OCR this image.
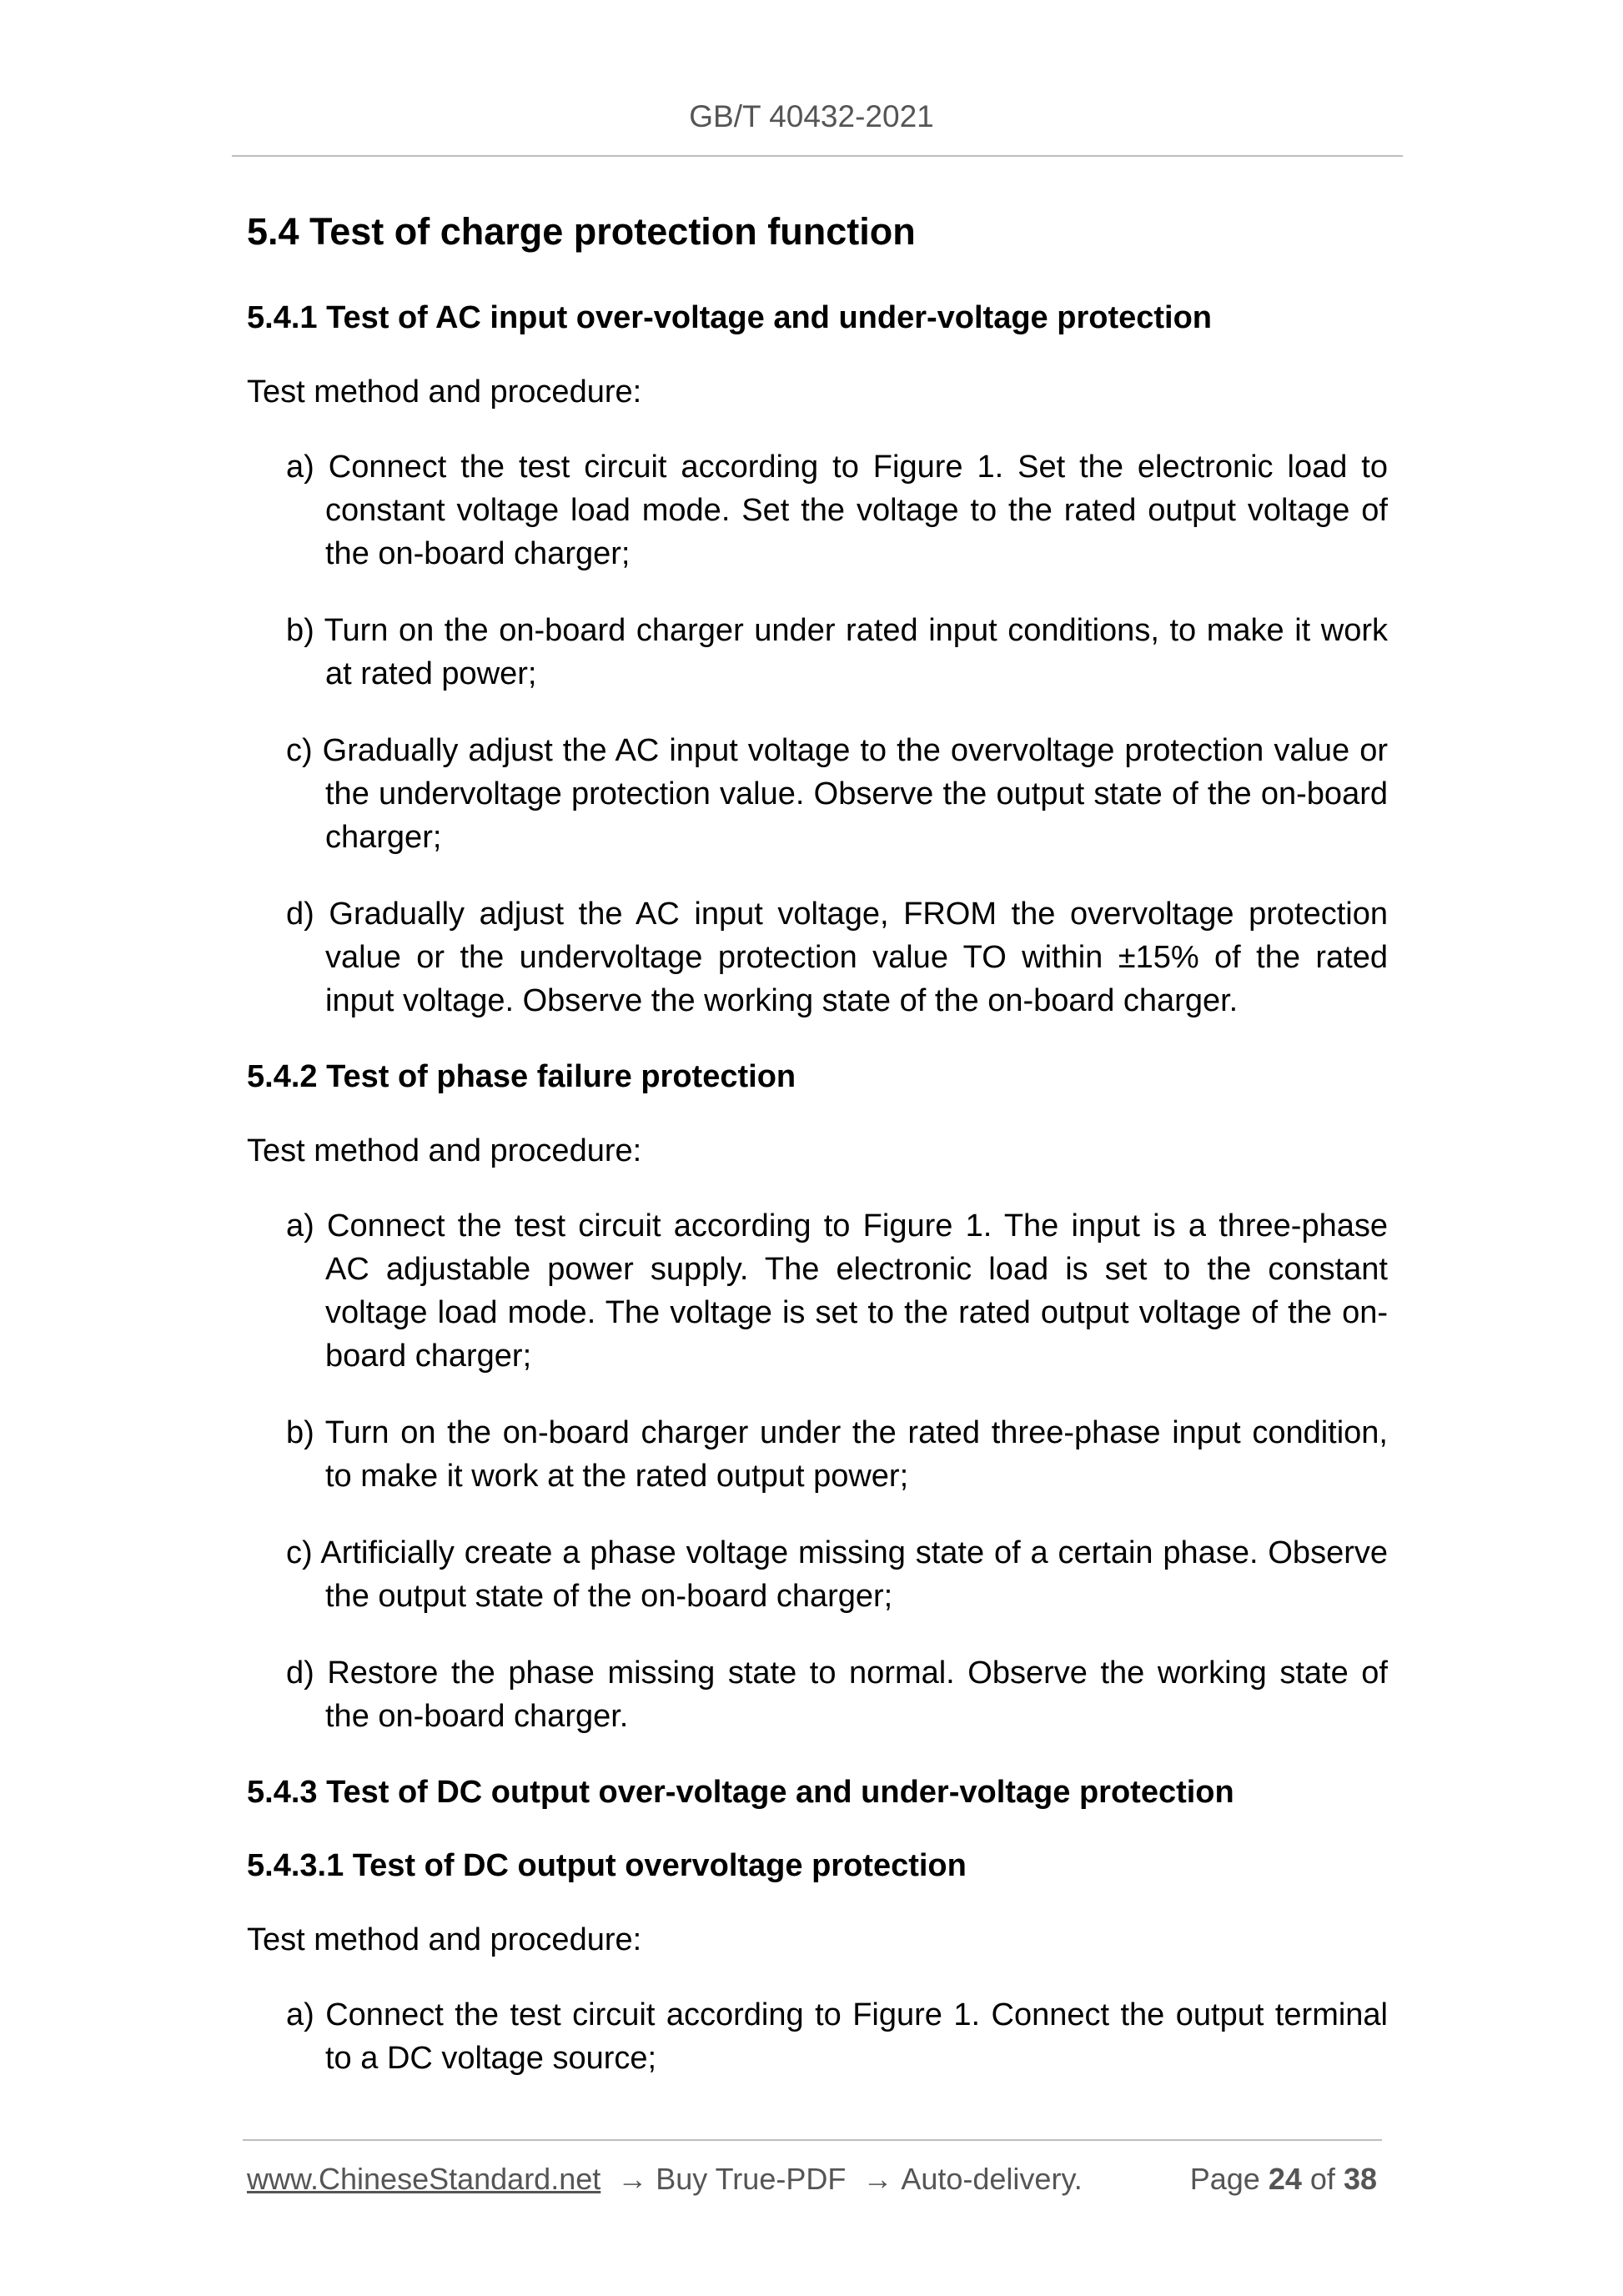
GB/T 40432-2021
5.4 Test of charge protection function
5.4.1 Test of AC input over-voltage and under-voltage protection
Test method and procedure:
a) Connect the test circuit according to Figure 1. Set the electronic load to constant voltage load mode. Set the voltage to the rated output voltage of the on-board charger;
b) Turn on the on-board charger under rated input conditions, to make it work at rated power;
c) Gradually adjust the AC input voltage to the overvoltage protection value or the undervoltage protection value. Observe the output state of the on-board charger;
d) Gradually adjust the AC input voltage, FROM the overvoltage protection value or the undervoltage protection value TO within ±15% of the rated input voltage. Observe the working state of the on-board charger.
5.4.2 Test of phase failure protection
Test method and procedure:
a) Connect the test circuit according to Figure 1. The input is a three-phase AC adjustable power supply. The electronic load is set to the constant voltage load mode. The voltage is set to the rated output voltage of the on-board charger;
b) Turn on the on-board charger under the rated three-phase input condition, to make it work at the rated output power;
c) Artificially create a phase voltage missing state of a certain phase. Observe the output state of the on-board charger;
d) Restore the phase missing state to normal. Observe the working state of the on-board charger.
5.4.3 Test of DC output over-voltage and under-voltage protection
5.4.3.1 Test of DC output overvoltage protection
Test method and procedure:
a) Connect the test circuit according to Figure 1. Connect the output terminal to a DC voltage source;
www.ChineseStandard.net → Buy True-PDF → Auto-delivery.	Page 24 of 38
